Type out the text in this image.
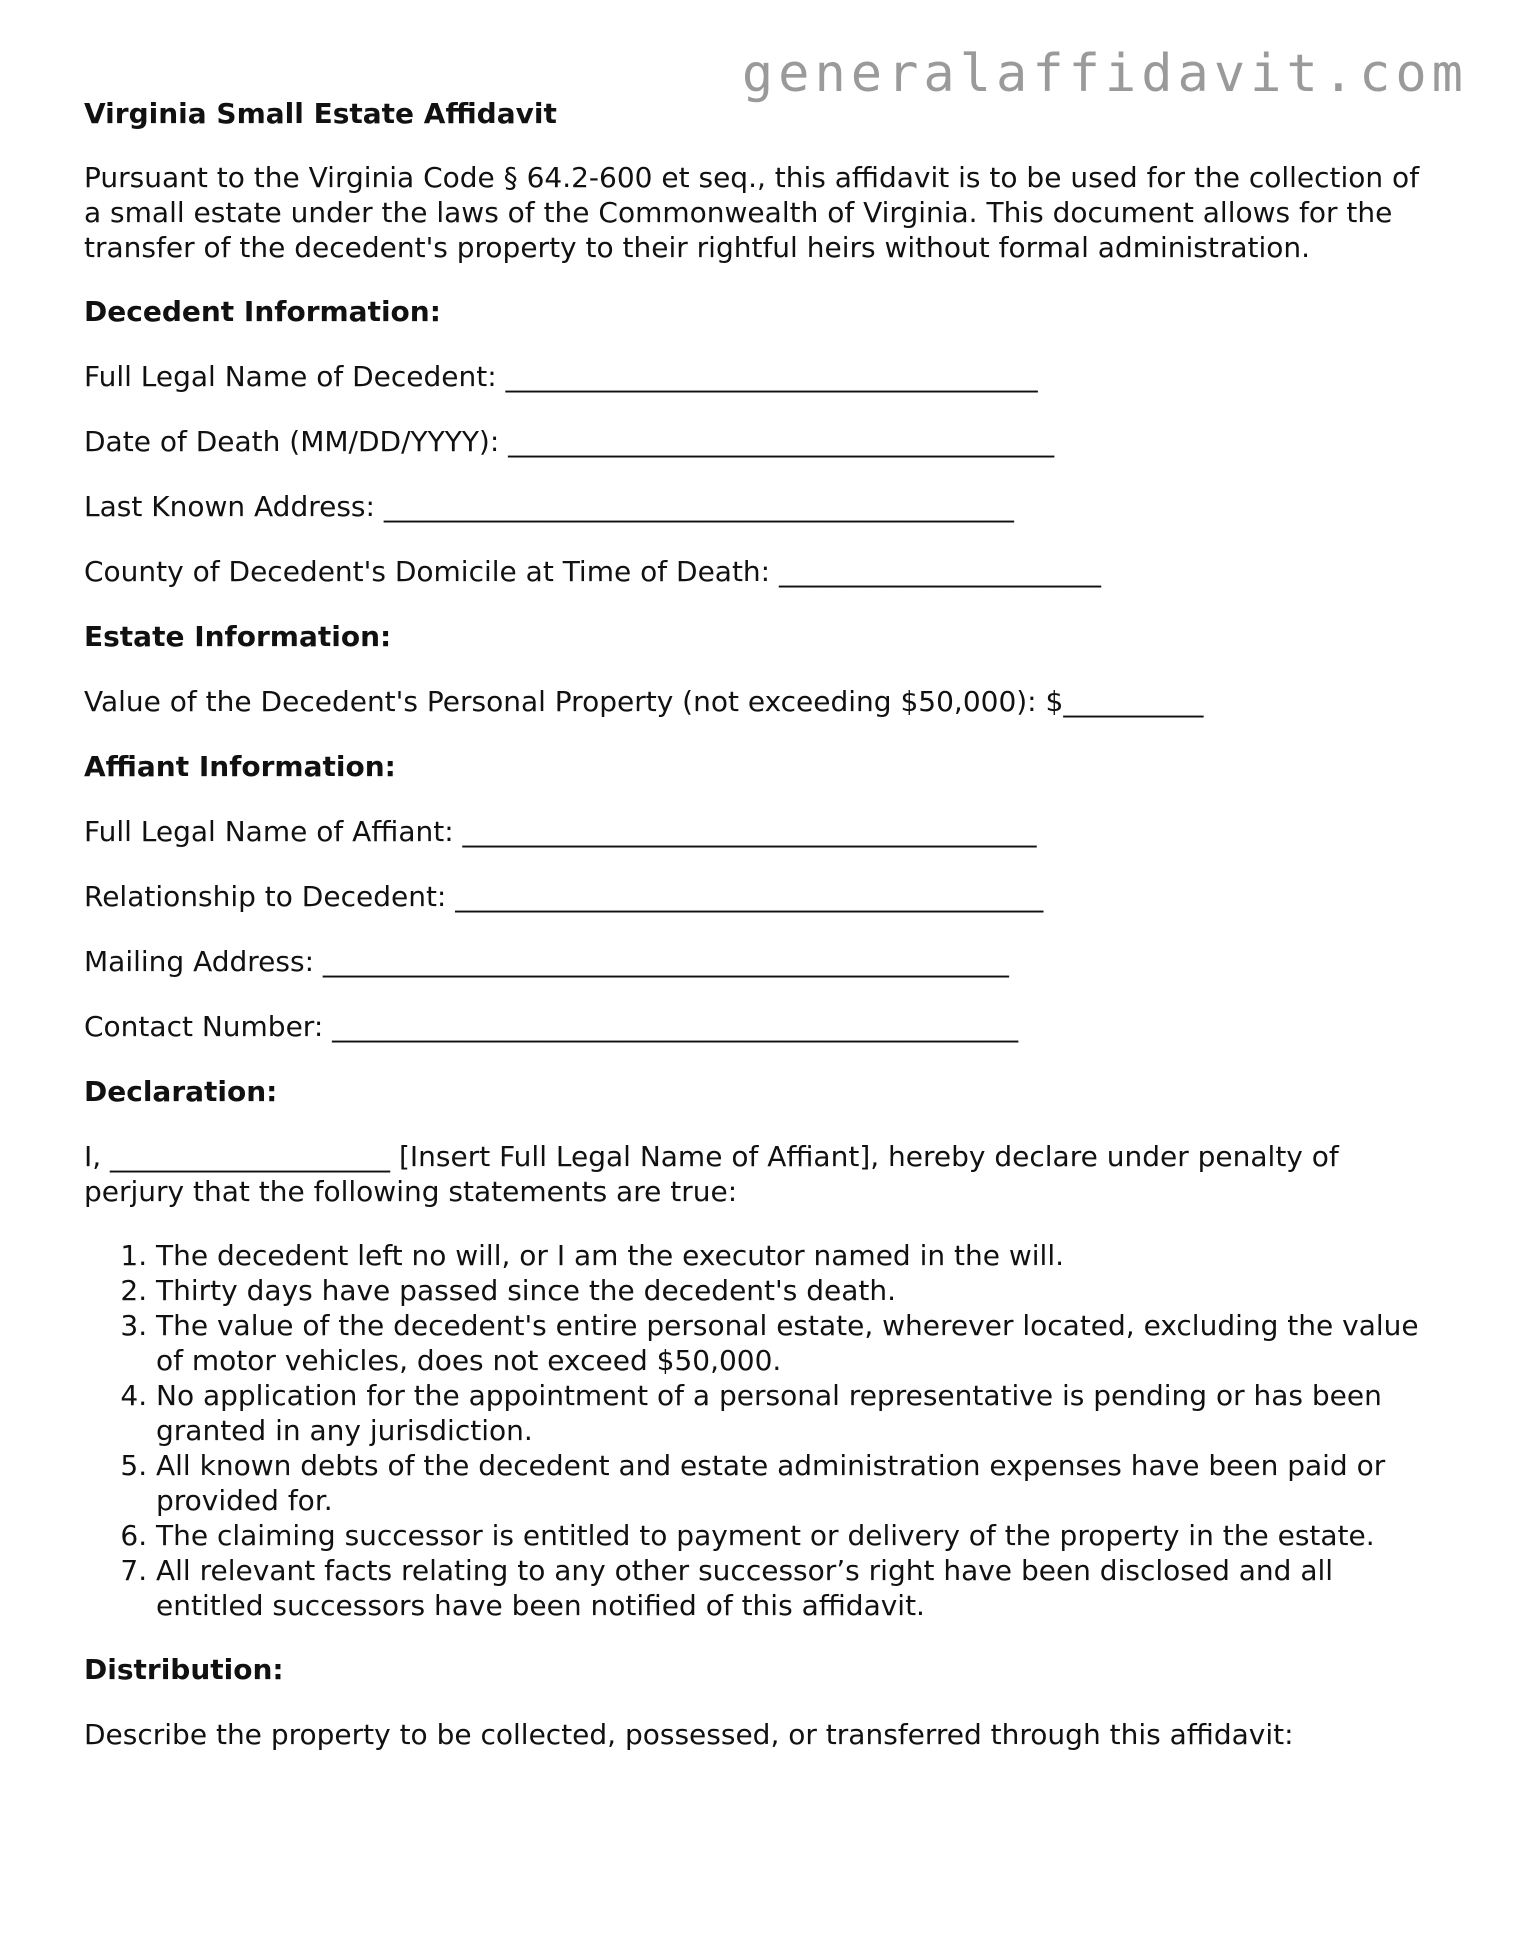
generalaffidavit.com
Virginia Small Estate Affidavit
Pursuant to the Virginia Code § 64.2-600 et seq., this affidavit is to be used for the collection of a small estate under the laws of the Commonwealth of Virginia. This document allows for the transfer of the decedent's property to their rightful heirs without formal administration.
Decedent Information:
Full Legal Name of Decedent: ______________________________________
Date of Death (MM/DD/YYYY): _______________________________________
Last Known Address: _____________________________________________
County of Decedent's Domicile at Time of Death: _______________________
Estate Information:
Value of the Decedent's Personal Property (not exceeding $50,000): $__________
Affiant Information:
Full Legal Name of Affiant: _________________________________________
Relationship to Decedent: __________________________________________
Mailing Address: _________________________________________________
Contact Number: _________________________________________________
Declaration:
I, ____________________ [Insert Full Legal Name of Affiant], hereby declare under penalty of perjury that the following statements are true:
1. The decedent left no will, or I am the executor named in the will.
2. Thirty days have passed since the decedent's death.
3. The value of the decedent's entire personal estate, wherever located, excluding the value of motor vehicles, does not exceed $50,000.
4. No application for the appointment of a personal representative is pending or has been granted in any jurisdiction.
5. All known debts of the decedent and estate administration expenses have been paid or provided for.
6. The claiming successor is entitled to payment or delivery of the property in the estate.
7. All relevant facts relating to any other successor’s right have been disclosed and all entitled successors have been notified of this affidavit.
Distribution:
Describe the property to be collected, possessed, or transferred through this affidavit:
